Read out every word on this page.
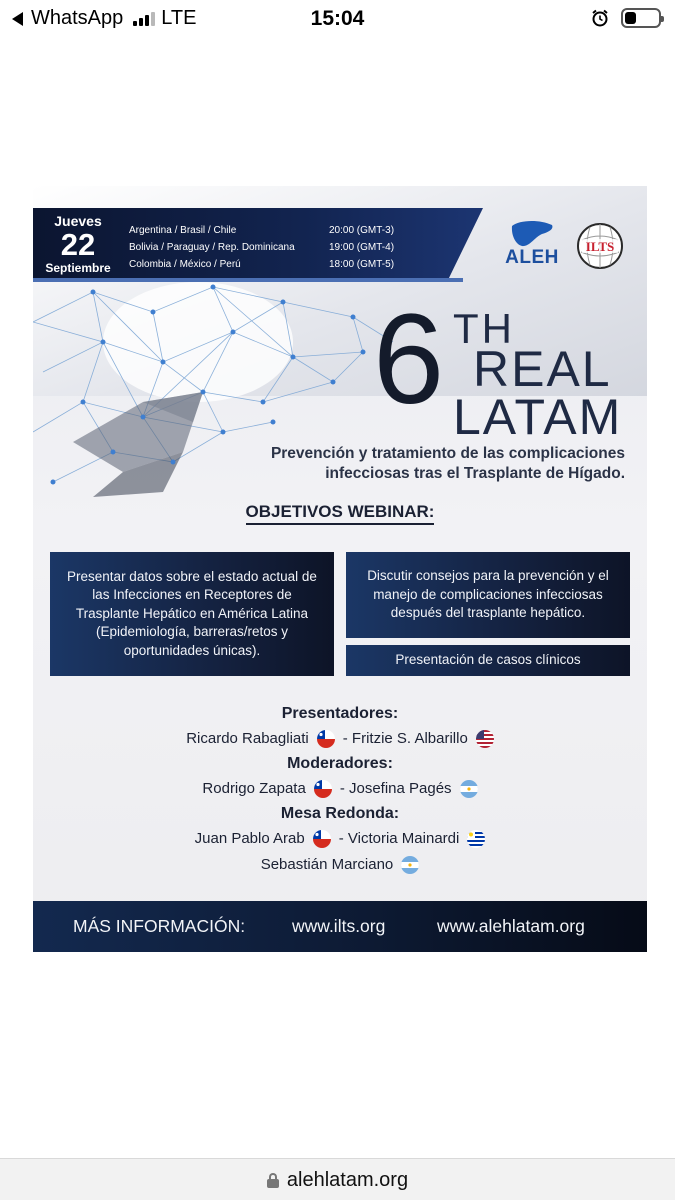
WhatsApp LTE	15:04
Jueves
22
Septiembre
Argentina / Brasil / Chile	20:00 (GMT-3)
Bolivia / Paraguay / Rep. Dominicana	19:00 (GMT-4)
Colombia / México / Perú	18:00 (GMT-5)	ALEH
ILTS
6 TH
REAL
LATAM
Prevención y tratamiento de las complicaciones
infecciosas tras el Trasplante de Hígado.
OBJETIVOS WEBINAR:
Presentar datos sobre el estado actual de las Infecciones en Receptores de Trasplante Hepático en América Latina (Epidemiología, barreras/retos y oportunidades únicas).
Discutir consejos para la prevención y el manejo de complicaciones infecciosas después del trasplante hepático.
Presentación de casos clínicos
Presentadores:
Ricardo Rabagliati - Fritzie S. Albarillo
Moderadores:
Rodrigo Zapata - Josefina Pagés
Mesa Redonda:
Juan Pablo Arab - Victoria Mainardi
Sebastián Marciano
MÁS INFORMACIÓN:	www.ilts.org	www.alehlatam.org
alehlatam.org
